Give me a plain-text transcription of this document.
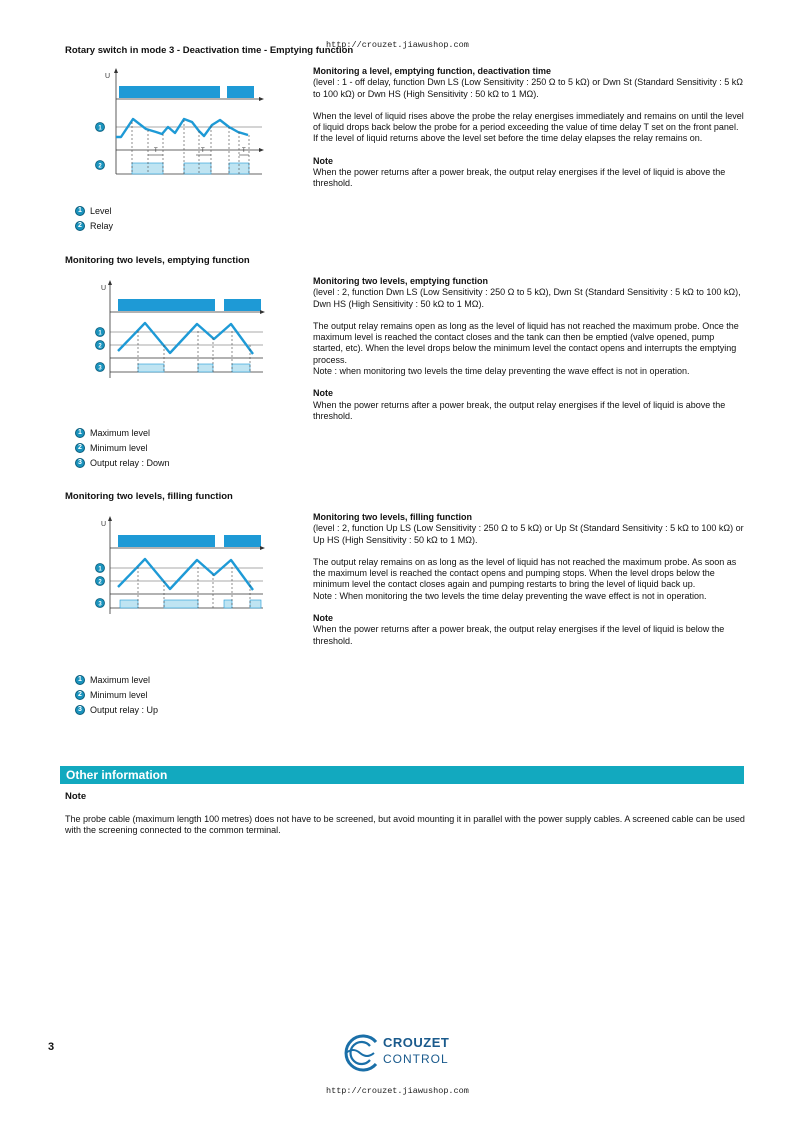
http://crouzet.jiawushop.com
Rotary switch in mode 3 - Deactivation time - Emptying function
U
T	T	T
1
2
1 Level
2 Relay

Monitoring a level, emptying function, deactivation time

(level : 1 - off delay, function Dwn LS (Low Sensitivity : 250 Ω to 5 kΩ) or Dwn St (Standard Sensitivity : 5 kΩ to 100 kΩ) or Dwn HS (High Sensitivity : 50 kΩ to 1 MΩ).

When the level of liquid rises above the probe the relay energises immediately and remains on until the level of liquid drops back below the probe for a period exceeding the value of time delay T set on the front panel.

If the level of liquid returns above the level set before the time delay elapses the relay remains on.

Note

When the power returns after a power break, the output relay energises if the level of liquid is above the threshold.

Monitoring two levels, emptying function
U
1
2
3
1 Maximum level
2 Minimum level
3 Output relay : Down

Monitoring two levels, emptying function

(level : 2, function Dwn LS (Low Sensitivity : 250 Ω to 5 kΩ), Dwn St (Standard Sensitivity : 5 kΩ to 100 kΩ), Dwn HS (High Sensitivity : 50 kΩ to 1 MΩ).

The output relay remains open as long as the level of liquid has not reached the maximum probe. Once the maximum level is reached the contact closes and the tank can then be emptied (valve opened, pump started, etc). When the level drops below the minimum level the contact opens and interrupts the emptying process.

Note : when monitoring two levels the time delay preventing the wave effect is not in operation.

Note

When the power returns after a power break, the output relay energises if the level of liquid is above the threshold.

Monitoring two levels, filling function
U
1
2
3
1 Maximum level
2 Minimum level
3 Output relay : Up

Monitoring two levels, filling function

(level : 2, function Up LS (Low Sensitivity : 250 Ω to 5 kΩ) or Up St (Standard Sensitivity : 5 kΩ to 100 kΩ) or Up HS (High Sensitivity : 50 kΩ to 1 MΩ).

The output relay remains on as long as the level of liquid has not reached the maximum probe. As soon as the maximum level is reached the contact opens and pumping stops. When the level drops below the minimum level the contact closes again and pumping restarts to bring the level of liquid back up.

Note : When monitoring the two levels the time delay preventing the wave effect is not in operation.

Note

When the power returns after a power break, the output relay energises if the level of liquid is below the threshold.

Other information
Note
The probe cable (maximum length 100 metres) does not have to be screened, but avoid mounting it in parallel with the power supply cables. A screened cable can be used with the screening connected to the common terminal.
3	CROUZET
CONTROL
http://crouzet.jiawushop.com
